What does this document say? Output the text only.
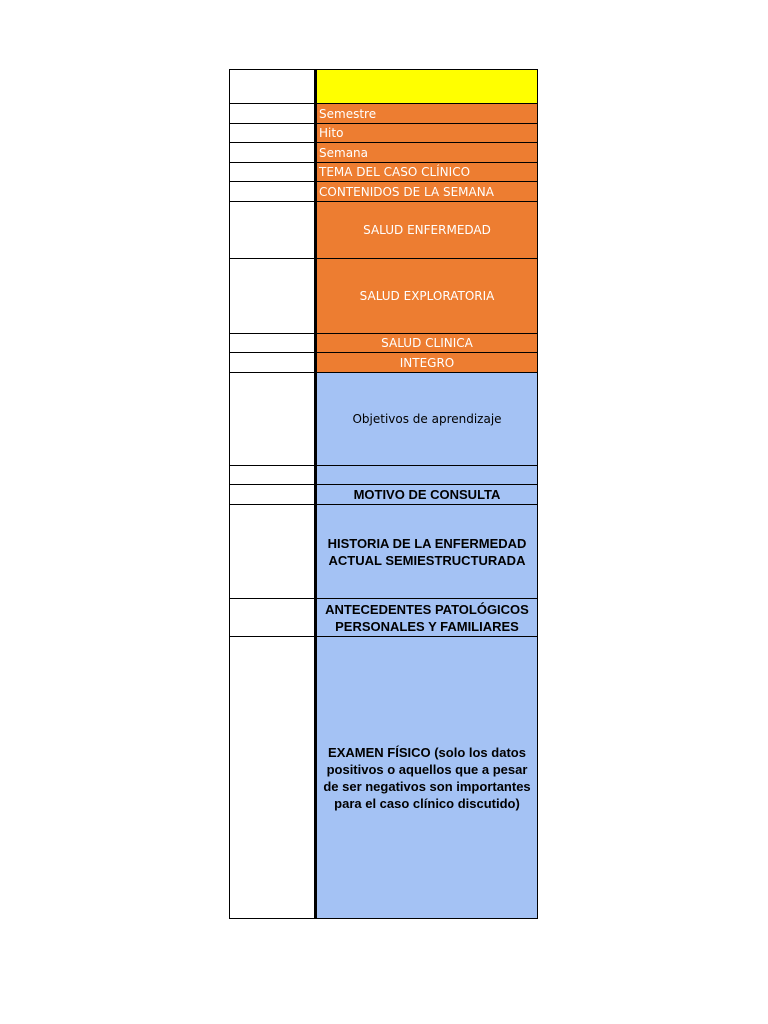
Semestre
Hito
Semana
TEMA DEL CASO CLÍNICO
CONTENIDOS DE LA SEMANA
SALUD ENFERMEDAD
SALUD EXPLORATORIA
SALUD CLINICA
INTEGRO
Objetivos de aprendizaje
MOTIVO DE CONSULTA
HISTORIA DE LA ENFERMEDAD ACTUAL SEMIESTRUCTURADA
ANTECEDENTES PATOLÓGICOS PERSONALES Y FAMILIARES
EXAMEN FÍSICO (solo los datos positivos o aquellos que a pesar de ser negativos son importantes para el caso clínico discutido)
